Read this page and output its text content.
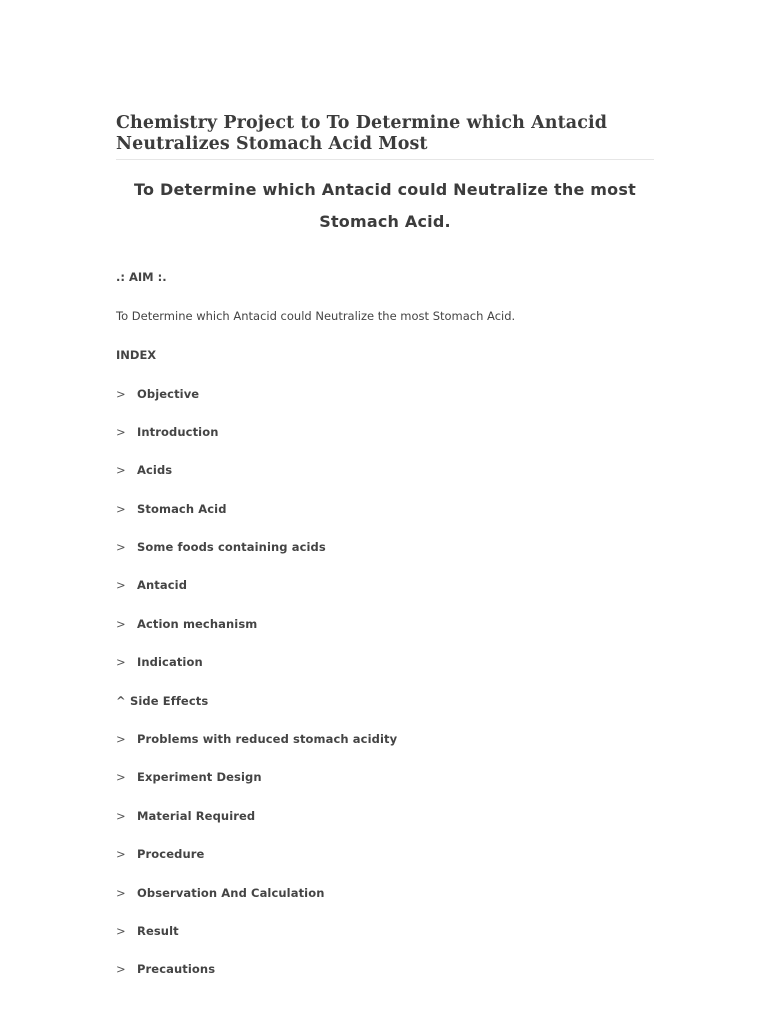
Chemistry Project to To Determine which Antacid Neutralizes Stomach Acid Most
To Determine which Antacid could Neutralize the most Stomach Acid.

.: AIM :.

To Determine which Antacid could Neutralize the most Stomach Acid.

INDEX

> Objective
> Introduction
> Acids
> Stomach Acid
> Some foods containing acids
> Antacid
> Action mechanism
> Indication
^ Side Effects
> Problems with reduced stomach acidity
> Experiment Design
> Material Required
> Procedure
> Observation And Calculation
> Result
> Precautions
